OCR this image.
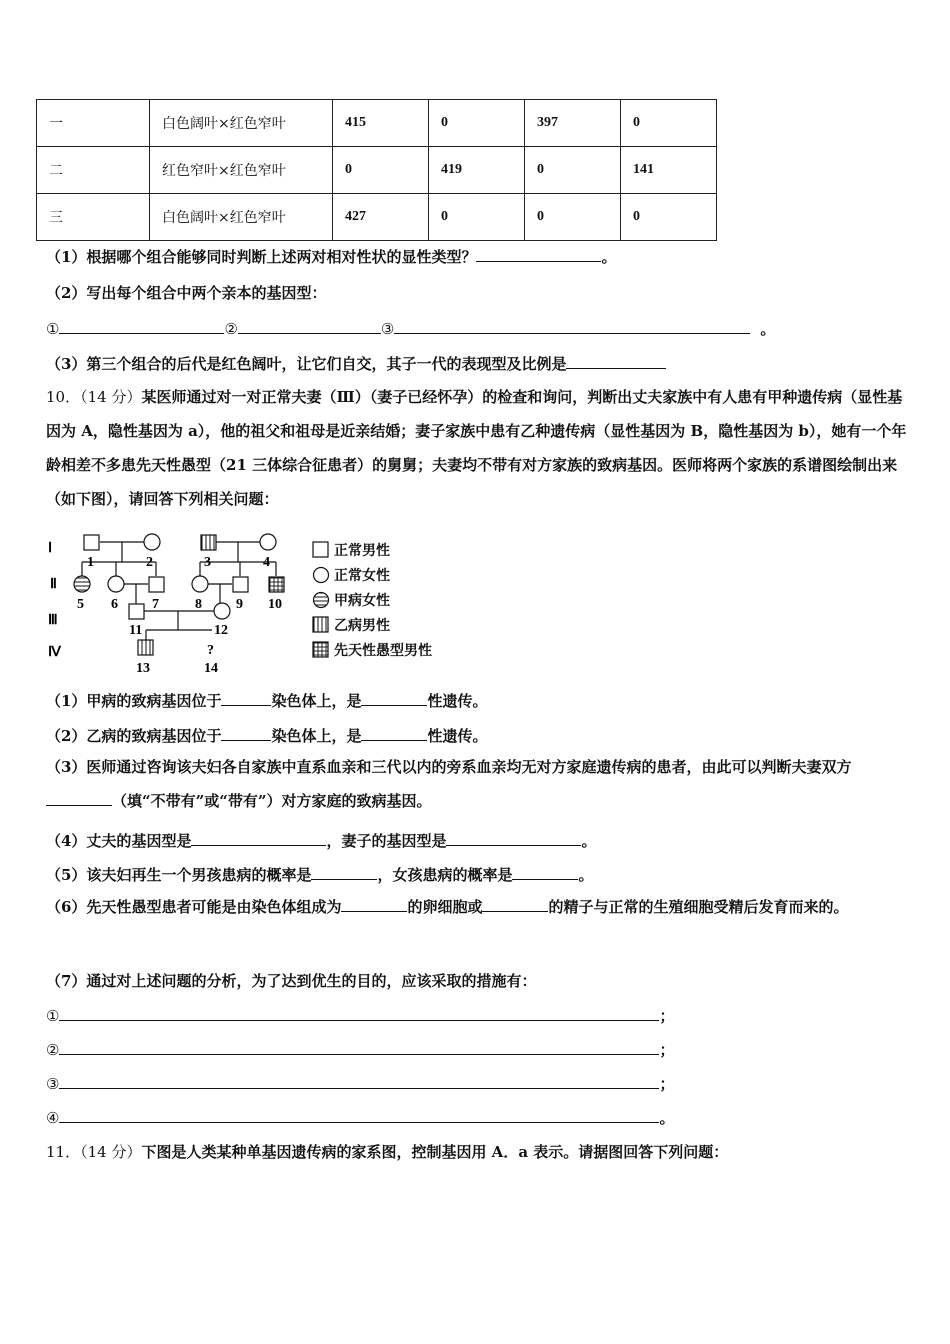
一	白色阔叶×红色窄叶	415	0	397	0
二	红色窄叶×红色窄叶	0	419	0	141
三	白色阔叶×红色窄叶	427	0	0	0
（1）根据哪个组合能够同时判断上述两对相对性状的显性类型？	。
（2）写出每个组合中两个亲本的基因型：
①	②	③	。
（3）第三个组合的后代是红色阔叶，让它们自交，其子一代的表现型及比例是
10．（14 分）某医师通过对一对正常夫妻（Ⅲ）（妻子已经怀孕）的检查和询问，判断出丈夫家族中有人患有甲种遗传病（显性基因为 A，隐性基因为 a），他的祖父和祖母是近亲结婚；妻子家族中患有乙种遗传病（显性基因为 B，隐性基因为 b），她有一个年龄相差不多患先天性愚型（21 三体综合征患者）的舅舅；夫妻均不带有对方家族的致病基因。医师将两个家族的系谱图绘制出来（如下图），请回答下列相关问题：
Ⅰ
Ⅱ
Ⅲ
Ⅳ
1	2	3	4
5 6 7	8 9 10
11	12
?
13	14
正常男性
正常女性
甲病女性
乙病男性
先天性愚型男性
（1）甲病的致病基因位于	染色体上，是	性遗传。
（2）乙病的致病基因位于	染色体上，是	性遗传。
（3）医师通过咨询该夫妇各自家族中直系血亲和三代以内的旁系血亲均无对方家庭遗传病的患者，由此可以判断夫妻双方（填“不带有”或“带有”）对方家庭的致病基因。
（4）丈夫的基因型是	，妻子的基因型是	。
（5）该夫妇再生一个男孩患病的概率是	，女孩患病的概率是	。
（6）先天性愚型患者可能是由染色体组成为	的卵细胞或	的精子与正常的生殖细胞受精后发育而来的。
（7）通过对上述问题的分析，为了达到优生的目的，应该采取的措施有：
①	；
②	；
③	；
④	。
11．（14 分）下图是人类某种单基因遗传病的家系图，控制基因用 A．a 表示。请据图回答下列问题：
